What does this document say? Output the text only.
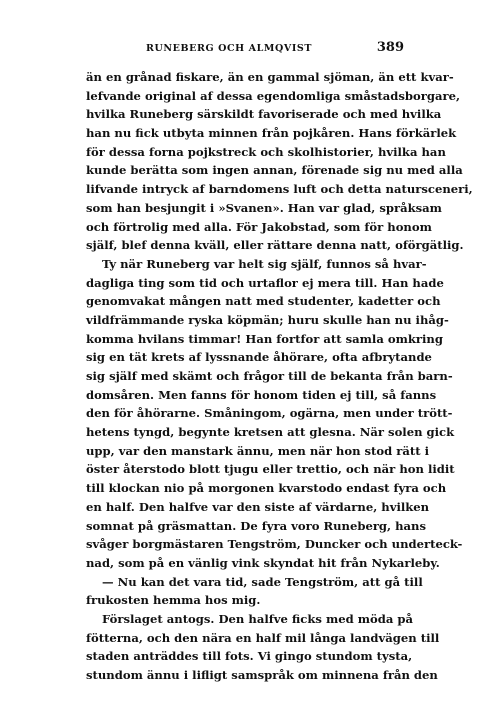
RUNEBERG OCH ALMQVIST	389
än en grånad fiskare, än en gammal sjöman, än ett kvar-
lefvande original af dessa egendomliga småstadsborgare,
hvilka Runeberg särskildt favoriserade och med hvilka
han nu fick utbyta minnen från pojkåren. Hans förkärlek
för dessa forna pojkstreck och skolhistorier, hvilka han
kunde berätta som ingen annan, förenade sig nu med alla
lifvande intryck af barndomens luft och detta natursceneri,
som han besjungit i »Svanen». Han var glad, språksam
och förtrolig med alla. För Jakobstad, som för honom
själf, blef denna kväll, eller rättare denna natt, oförgätlig.
Ty när Runeberg var helt sig själf, funnos så hvar-
dagliga ting som tid och urtaflor ej mera till. Han hade
genomvakat mången natt med studenter, kadetter och
vildfrämmande ryska köpmän; huru skulle han nu ihåg-
komma hvilans timmar! Han fortfor att samla omkring
sig en tät krets af lyssnande åhörare, ofta afbrytande
sig själf med skämt och frågor till de bekanta från barn-
domsåren. Men fanns för honom tiden ej till, så fanns
den för åhörarne. Småningom, ogärna, men under trött-
hetens tyngd, begynte kretsen att glesna. När solen gick
upp, var den manstark ännu, men när hon stod rätt i
öster återstodo blott tjugu eller trettio, och när hon lidit
till klockan nio på morgonen kvarstodo endast fyra och
en half. Den halfve var den siste af värdarne, hvilken
somnat på gräsmattan. De fyra voro Runeberg, hans
svåger borgmästaren Tengström, Duncker och underteck-
nad, som på en vänlig vink skyndat hit från Nykarleby.
— Nu kan det vara tid, sade Tengström, att gå till
frukosten hemma hos mig.
Förslaget antogs. Den halfve ficks med möda på
fötterna, och den nära en half mil långa landvägen till
staden anträddes till fots. Vi gingo stundom tysta,
stundom ännu i lifligt samspråk om minnena från den
